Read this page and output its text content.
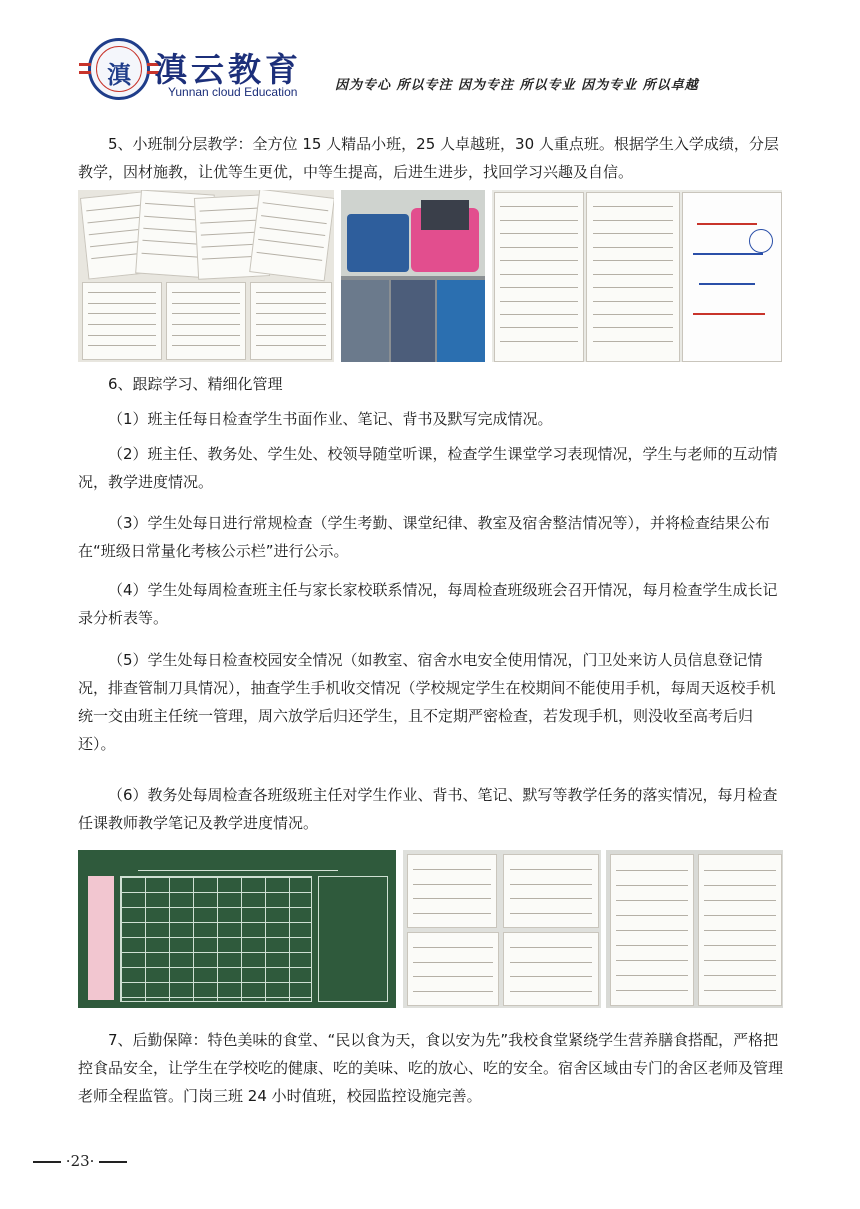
滇 滇云教育
Yunnan cloud Education	因为专心 所以专注 因为专注 所以专业 因为专业 所以卓越

5、小班制分层教学：全方位 15 人精品小班，25 人卓越班，30 人重点班。根据学生入学成绩，分层教学，因材施教，让优等生更优，中等生提高，后进生进步，找回学习兴趣及自信。

6、跟踪学习、精细化管理

（1）班主任每日检查学生书面作业、笔记、背书及默写完成情况。

（2）班主任、教务处、学生处、校领导随堂听课，检查学生课堂学习表现情况，学生与老师的互动情况，教学进度情况。

（3）学生处每日进行常规检查（学生考勤、课堂纪律、教室及宿舍整洁情况等），并将检查结果公布在“班级日常量化考核公示栏”进行公示。

（4）学生处每周检查班主任与家长家校联系情况，每周检查班级班会召开情况，每月检查学生成长记录分析表等。

（5）学生处每日检查校园安全情况（如教室、宿舍水电安全使用情况，门卫处来访人员信息登记情况，排查管制刀具情况），抽查学生手机收交情况（学校规定学生在校期间不能使用手机，每周天返校手机统一交由班主任统一管理，周六放学后归还学生，且不定期严密检查，若发现手机，则没收至高考后归还）。

（6）教务处每周检查各班级班主任对学生作业、背书、笔记、默写等教学任务的落实情况，每月检查任课教师教学笔记及教学进度情况。

7、后勤保障：特色美味的食堂、“民以食为天，食以安为先”我校食堂紧绕学生营养膳食搭配，严格把控食品安全，让学生在学校吃的健康、吃的美味、吃的放心、吃的安全。宿舍区域由专门的舍区老师及管理老师全程监管。门岗三班 24 小时值班，校园监控设施完善。

·23·
